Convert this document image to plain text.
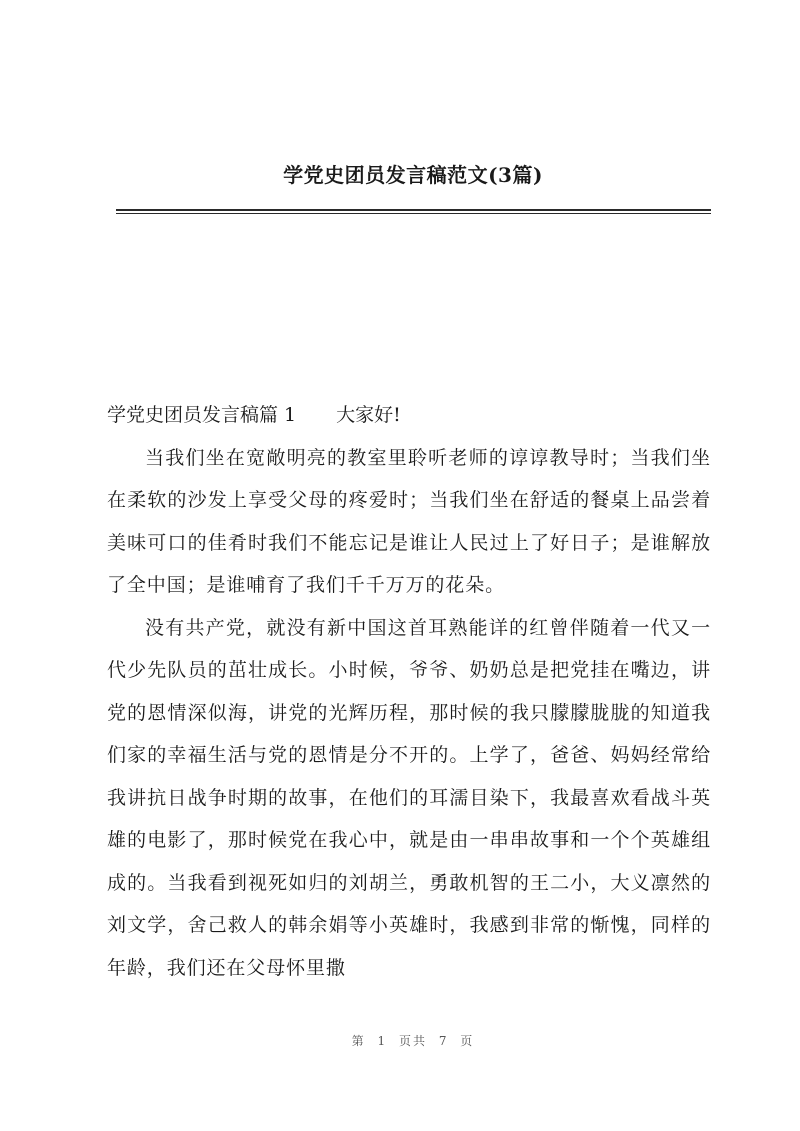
学党史团员发言稿范文(3篇)

学党史团员发言稿篇 1 大家好!

当我们坐在宽敞明亮的教室里聆听老师的谆谆教导时；当我们坐在柔软的沙发上享受父母的疼爱时；当我们坐在舒适的餐桌上品尝着美味可口的佳肴时我们不能忘记是谁让人民过上了好日子；是谁解放了全中国；是谁哺育了我们千千万万的花朵。

没有共产党，就没有新中国这首耳熟能详的红曾伴随着一代又一代少先队员的茁壮成长。小时候，爷爷、奶奶总是把党挂在嘴边，讲党的恩情深似海，讲党的光辉历程，那时候的我只朦朦胧胧的知道我们家的幸福生活与党的恩情是分不开的。上学了，爸爸、妈妈经常给我讲抗日战争时期的故事，在他们的耳濡目染下，我最喜欢看战斗英雄的电影了，那时候党在我心中，就是由一串串故事和一个个英雄组成的。当我看到视死如归的刘胡兰，勇敢机智的王二小，大义凛然的刘文学，舍己救人的韩余娟等小英雄时，我感到非常的惭愧，同样的年龄，我们还在父母怀里撒

第 1 页共 7 页
